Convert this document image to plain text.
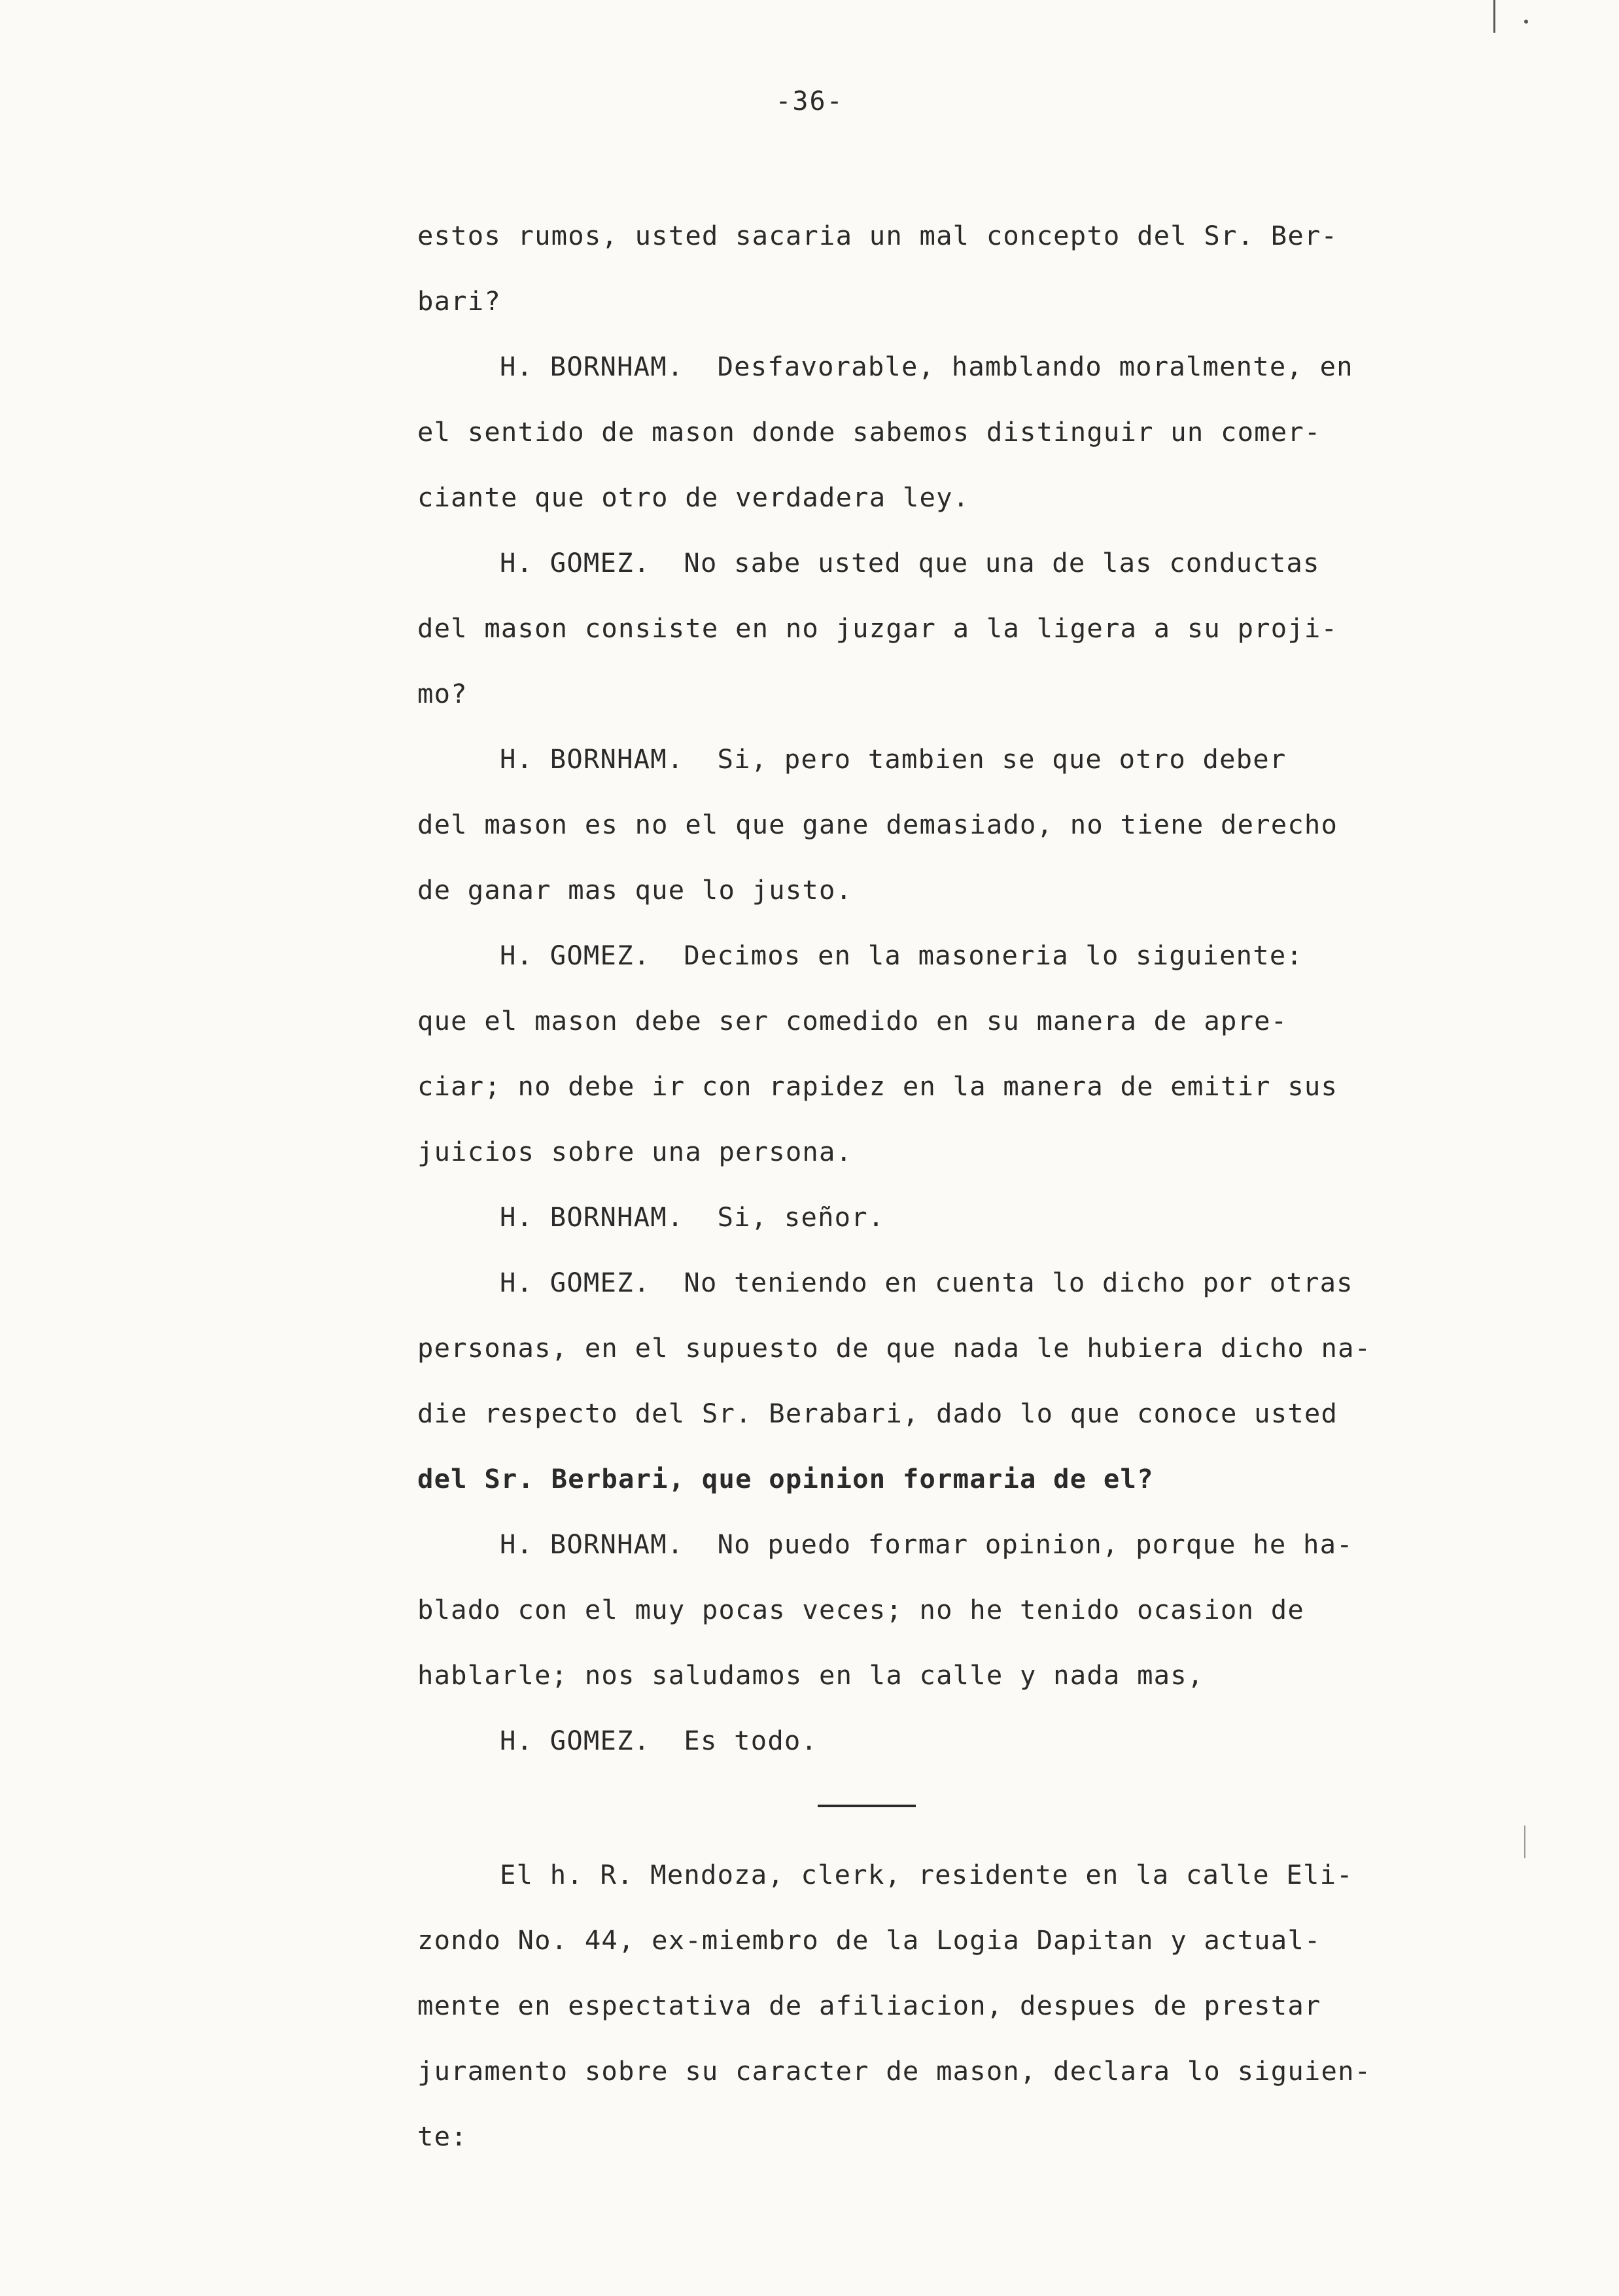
-36-
estos rumos, usted sacaria un mal concepto del Sr. Ber-
bari?
H. BORNHAM.  Desfavorable, hamblando moralmente, en
el sentido de mason donde sabemos distinguir un comer-
ciante que otro de verdadera ley.
H. GOMEZ.  No sabe usted que una de las conductas
del mason consiste en no juzgar a la ligera a su proji-
mo?
H. BORNHAM.  Si, pero tambien se que otro deber
del mason es no el que gane demasiado, no tiene derecho
de ganar mas que lo justo.
H. GOMEZ.  Decimos en la masoneria lo siguiente:
que el mason debe ser comedido en su manera de apre-
ciar; no debe ir con rapidez en la manera de emitir sus
juicios sobre una persona.
H. BORNHAM.  Si, señor.
H. GOMEZ.  No teniendo en cuenta lo dicho por otras
personas, en el supuesto de que nada le hubiera dicho na-
die respecto del Sr. Berabari, dado lo que conoce usted
del Sr. Berbari, que opinion formaria de el?
H. BORNHAM.  No puedo formar opinion, porque he ha-
blado con el muy pocas veces; no he tenido ocasion de
hablarle; nos saludamos en la calle y nada mas,
H. GOMEZ.  Es todo.
El h. R. Mendoza, clerk, residente en la calle Eli-
zondo No. 44, ex-miembro de la Logia Dapitan y actual-
mente en espectativa de afiliacion, despues de prestar
juramento sobre su caracter de mason, declara lo siguien-
te:
